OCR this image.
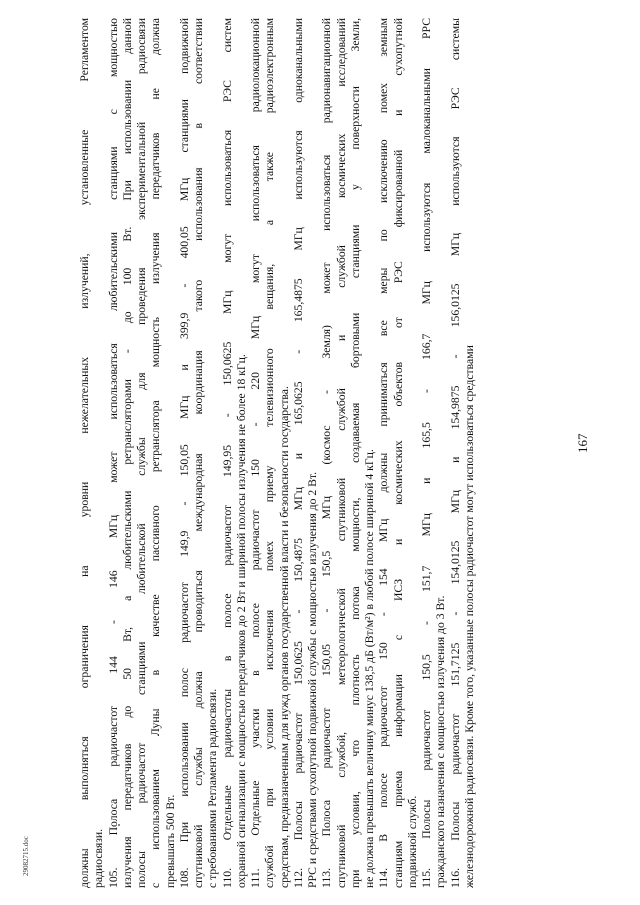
167
29082715.doc	должны выполняться ограничения на уровни нежелательных излучений, установленные Регламентом радиосвязи. 105. Полоса радиочастот 144 - 146 МГц может использоваться любительскими станциями с мощностью излучения передатчиков до 50 Вт, а любительскими ретрансляторами - до 100 Вт. При использовании данной полосы радиочастот станциями любительской службы для проведения экспериментальной радиосвязи с использованием Луны в качестве пассивного ретранслятора мощность излучения передатчиков не должна превышать 500 Вт. 108. При использовании полос радиочастот 149,9 - 150,05 МГц и 399,9 - 400,05 МГц станциями подвижной спутниковой службы должна проводиться международная координация такого использования в соответствии с требованиями Регламента радиосвязи. 110. Отдельные радиочастоты в полосе радиочастот 149,95 - 150,0625 МГц могут использоваться РЭС систем охранной сигнализации с мощностью передатчиков до 2 Вт и шириной полосы излучения не более 18 кГц. 111. Отдельные участки в полосе радиочастот 150 - 220 МГц могут использоваться радиолокационной службой при условии исключения помех приему телевизионного вещания, а также радиоэлектронным средствам, предназначенным для нужд органов государственной власти и безопасности государства. 112. Полосы радиочастот 150,0625 - 150,4875 МГц и 165,0625 - 165,4875 МГц используются одноканальными РРС и средствами сухопутной подвижной службы с мощностью излучения до 2 Вт. 113. Полоса радиочастот 150,05 - 150,5 МГц (космос - Земля) может использоваться радионавигационной спутниковой службой, метеорологической спутниковой службой и службой космических исследований при условии, что плотность потока мощности, создаваемая бортовыми станциями у поверхности Земли, не должна превышать величину минус 138,5 дБ (Вт/м²) в любой полосе шириной 4 кГц. 114. В полосе радиочастот 150 - 154 МГц должны приниматься все меры по исключению помех земным станциям приема информации с ИСЗ и космических объектов от РЭС фиксированной и сухопутной подвижной служб. 115. Полосы радиочастот 150,5 - 151,7 МГц и 165,5 - 166,7 МГц используются малоканальными РРС гражданского назначения с мощностью излучения до 3 Вт. 116. Полосы радиочастот 151,7125 - 154,0125 МГц и 154,9875 - 156,0125 МГц используются РЭС системы железнодорожной радиосвязи. Кроме того, указанные полосы радиочастот могут использоваться средствами
